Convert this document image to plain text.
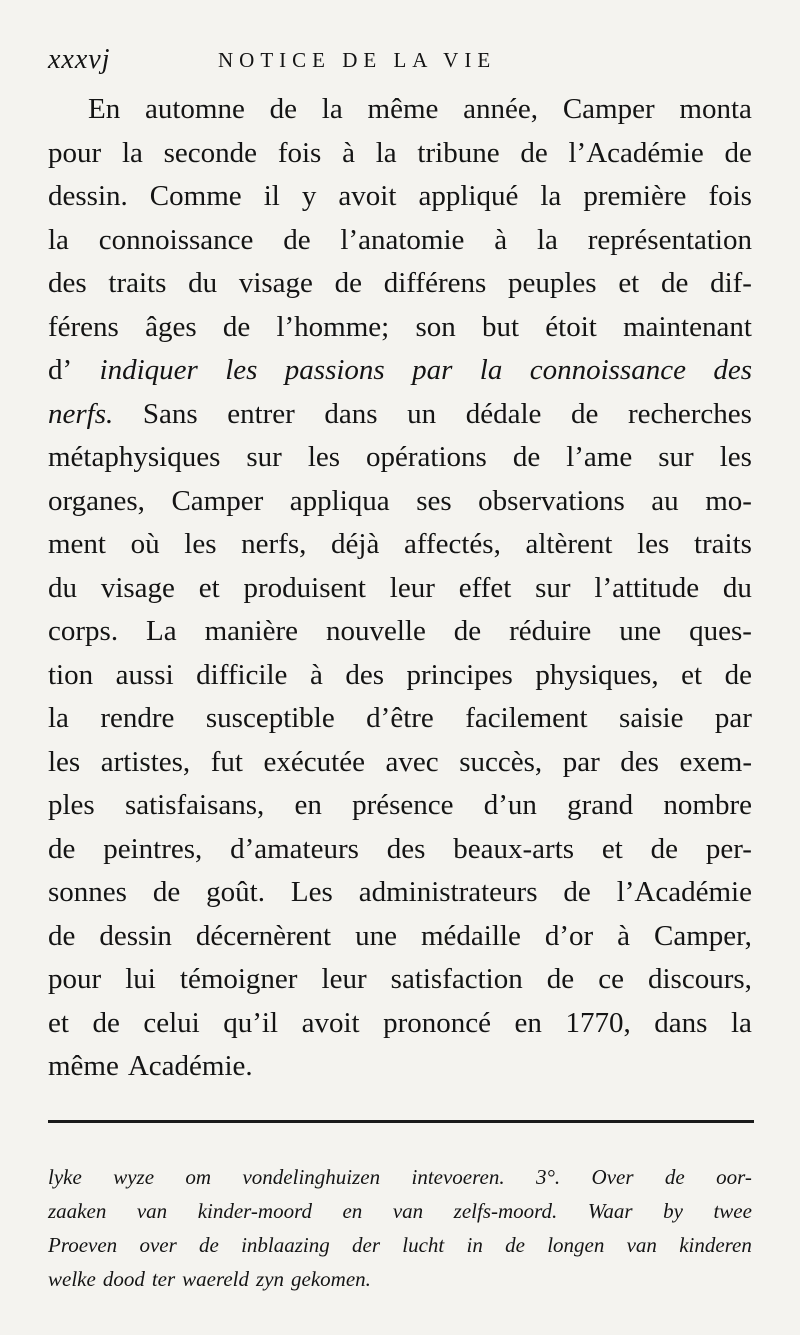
xxxvj	NOTICE DE LA VIE
En automne de la même année, Camper monta
pour la seconde fois à la tribune de l’Académie de
dessin. Comme il y avoit appliqué la première fois
la connoissance de l’anatomie à la représentation
des traits du visage de différens peuples et de dif-
férens âges de l’homme; son but étoit maintenant
d’ indiquer les passions par la connoissance des
nerfs. Sans entrer dans un dédale de recherches
métaphysiques sur les opérations de l’ame sur les
organes, Camper appliqua ses observations au mo-
ment où les nerfs, déjà affectés, altèrent les traits
du visage et produisent leur effet sur l’attitude du
corps. La manière nouvelle de réduire une ques-
tion aussi difficile à des principes physiques, et de
la rendre susceptible d’être facilement saisie par
les artistes, fut exécutée avec succès, par des exem-
ples satisfaisans, en présence d’un grand nombre
de peintres, d’amateurs des beaux-arts et de per-
sonnes de goût. Les administrateurs de l’Académie
de dessin décernèrent une médaille d’or à Camper,
pour lui témoigner leur satisfaction de ce discours,
et de celui qu’il avoit prononcé en 1770, dans la
même Académie.
lyke wyze om vondelinghuizen intevoeren. 3°. Over de oor-
zaaken van kinder-moord en van zelfs-moord. Waar by twee
Proeven over de inblaazing der lucht in de longen van kinderen
welke dood ter waereld zyn gekomen.
